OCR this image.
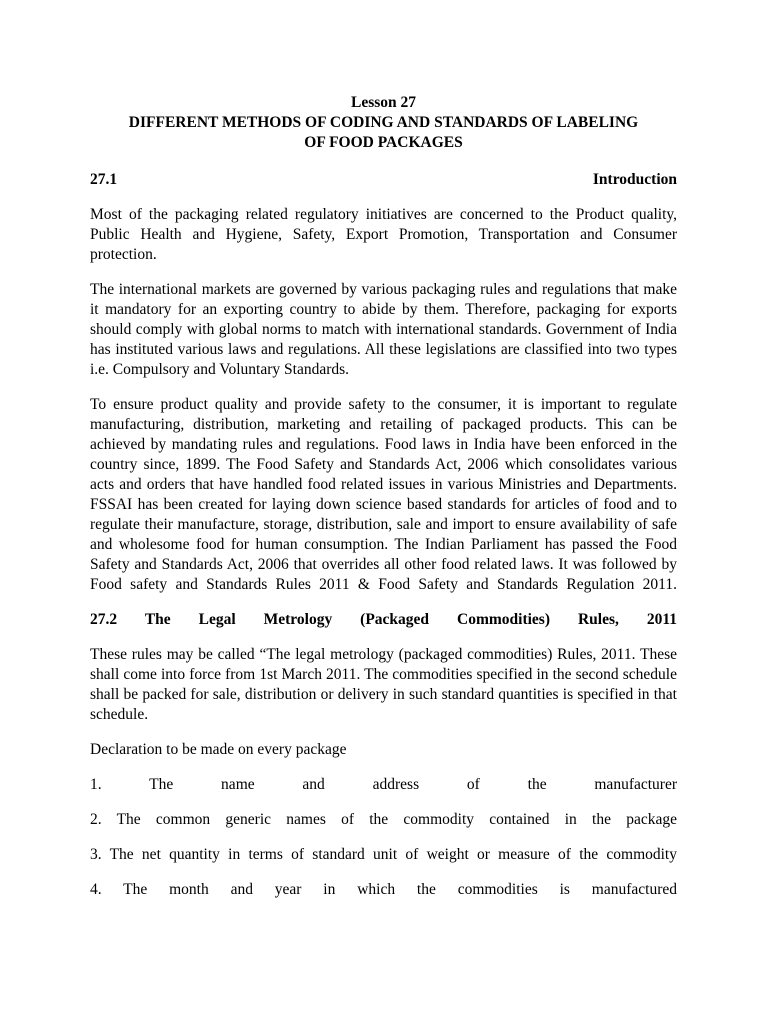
Lesson 27
DIFFERENT METHODS OF CODING AND STANDARDS OF LABELING
OF FOOD PACKAGES
27.1	Introduction

Most of the packaging related regulatory initiatives are concerned to the Product quality, Public Health and Hygiene, Safety, Export Promotion, Transportation and Consumer protection.

The international markets are governed by various packaging rules and regulations that make it mandatory for an exporting country to abide by them. Therefore, packaging for exports should comply with global norms to match with international standards. Government of India has instituted various laws and regulations. All these legislations are classified into two types i.e. Compulsory and Voluntary Standards.

To ensure product quality and provide safety to the consumer, it is important to regulate manufacturing, distribution, marketing and retailing of packaged products. This can be achieved by mandating rules and regulations. Food laws in India have been enforced in the country since, 1899. The Food Safety and Standards Act, 2006 which consolidates various acts and orders that have handled food related issues in various Ministries and Departments. FSSAI has been created for laying down science based standards for articles of food and to regulate their manufacture, storage, distribution, sale and import to ensure availability of safe and wholesome food for human consumption. The Indian Parliament has passed the Food Safety and Standards Act, 2006 that overrides all other food related laws. It was followed by Food safety and Standards Rules 2011 & Food Safety and Standards Regulation 2011.

27.2 The Legal Metrology (Packaged Commodities) Rules, 2011

These rules may be called “The legal metrology (packaged commodities) Rules, 2011. These shall come into force from 1st March 2011. The commodities specified in the second schedule shall be packed for sale, distribution or delivery in such standard quantities is specified in that schedule.

Declaration to be made on every package

1. The name and address of the manufacturer
2. The common generic names of the commodity contained in the package
3. The net quantity in terms of standard unit of weight or measure of the commodity
4. The month and year in which the commodities is manufactured
